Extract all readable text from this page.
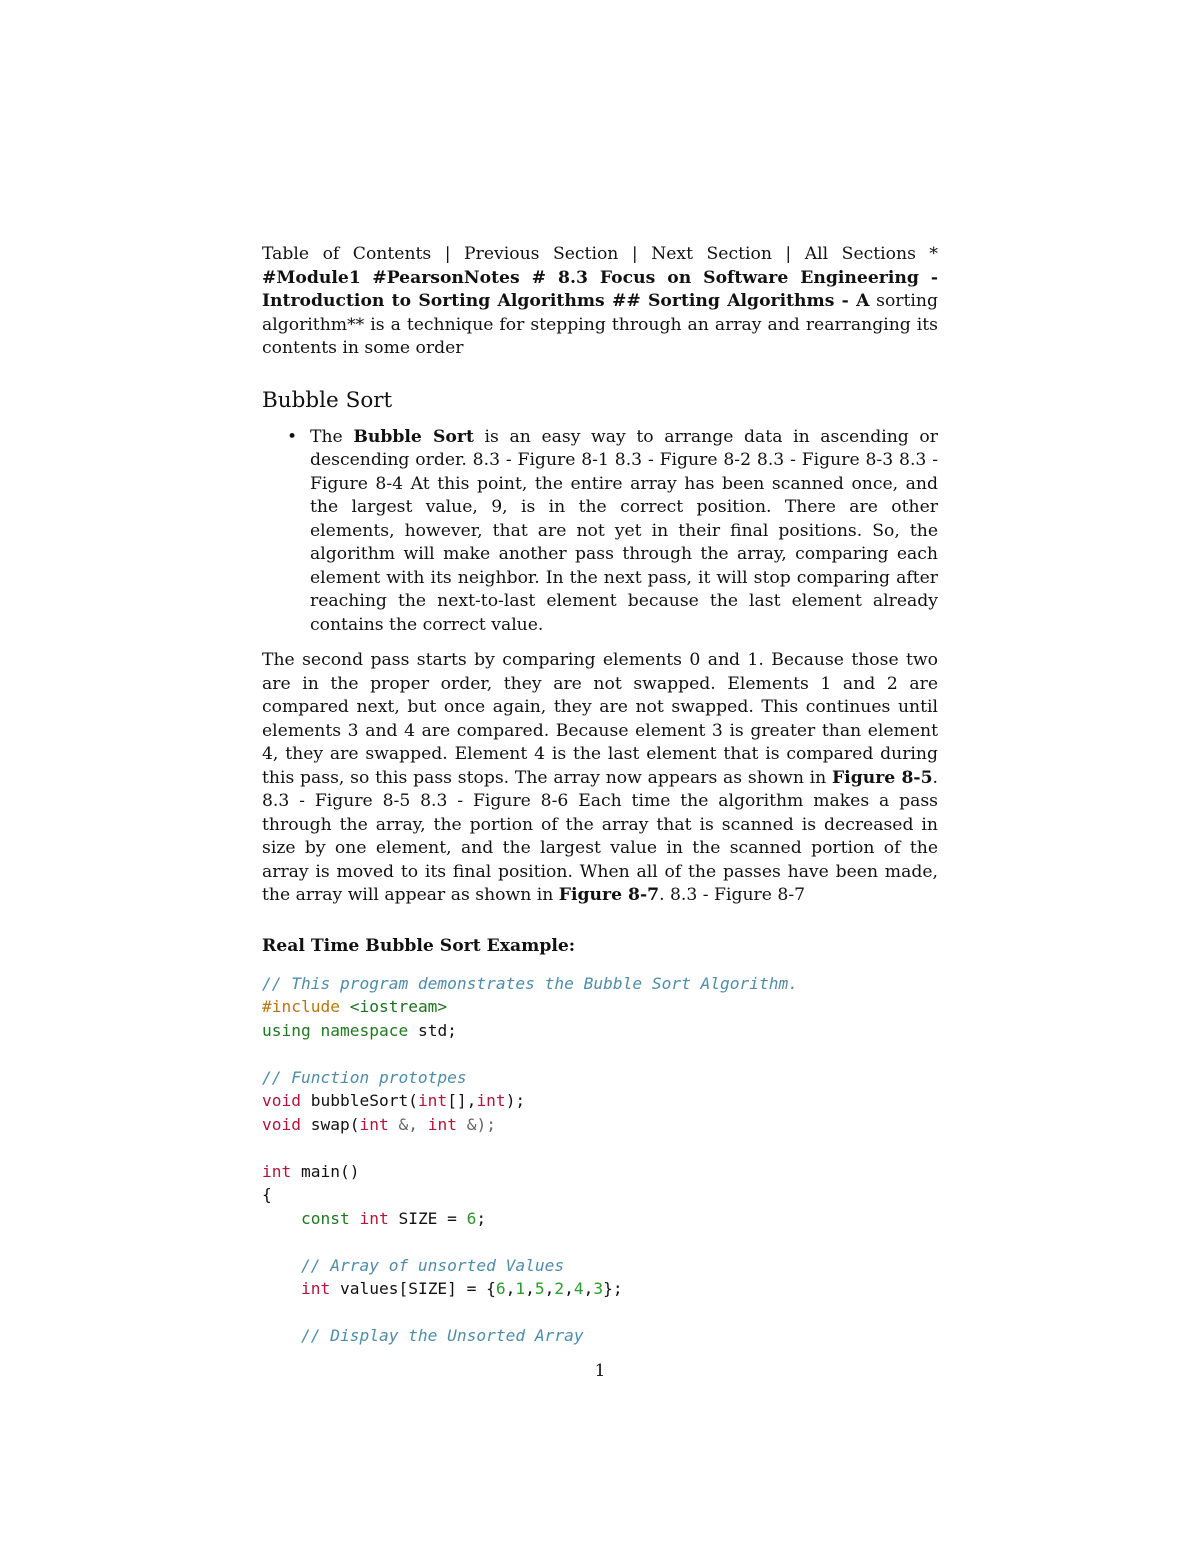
Table of Contents | Previous Section | Next Section | All Sections * #Module1 #PearsonNotes # 8.3 Focus on Software Engineering - Introduction to Sorting Algorithms ## Sorting Algorithms - A sorting algorithm** is a technique for stepping through an array and rearranging its contents in some order

Bubble Sort
• The Bubble Sort is an easy way to arrange data in ascending or descending order. 8.3 - Figure 8-1 8.3 - Figure 8-2 8.3 - Figure 8-3 8.3 - Figure 8-4 At this point, the entire array has been scanned once, and the largest value, 9, is in the correct position. There are other elements, however, that are not yet in their final positions. So, the algorithm will make another pass through the array, comparing each element with its neighbor. In the next pass, it will stop comparing after reaching the next-to-last element because the last element already contains the correct value.

The second pass starts by comparing elements 0 and 1. Because those two are in the proper order, they are not swapped. Elements 1 and 2 are compared next, but once again, they are not swapped. This continues until elements 3 and 4 are compared. Because element 3 is greater than element 4, they are swapped. Element 4 is the last element that is compared during this pass, so this pass stops. The array now appears as shown in Figure 8-5. 8.3 - Figure 8-5 8.3 - Figure 8-6 Each time the algorithm makes a pass through the array, the portion of the array that is scanned is decreased in size by one element, and the largest value in the scanned portion of the array is moved to its final position. When all of the passes have been made, the array will appear as shown in Figure 8-7. 8.3 - Figure 8-7

Real Time Bubble Sort Example:
// This program demonstrates the Bubble Sort Algorithm.
#include <iostream>
using namespace std;

// Function prototpes
void bubbleSort(int[],int);
void swap(int &, int &);

int main()
{
const int SIZE = 6;

// Array of unsorted Values
int values[SIZE] = {6,1,5,2,4,3};

// Display the Unsorted Array
1
